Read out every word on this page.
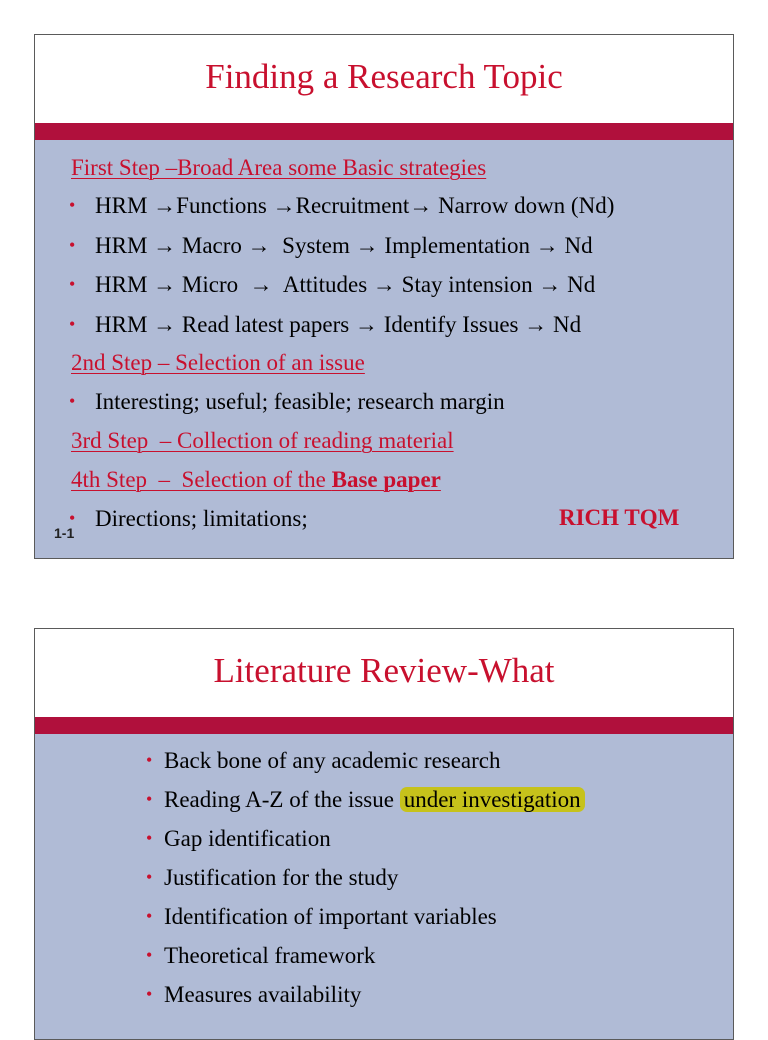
Finding a Research Topic
First Step –Broad Area some Basic strategies
• HRM →Functions →Recruitment→ Narrow down (Nd)
• HRM → Macro →  System → Implementation → Nd
• HRM → Micro  →  Attitudes → Stay intension → Nd
• HRM → Read latest papers → Identify Issues → Nd
2nd Step – Selection of an issue
• Interesting; useful; feasible; research margin
3rd Step  – Collection of reading material
4th Step  –  Selection of the Base paper
• Directions; limitations;	RICH TQM
1-1
Literature Review-What
• Back bone of any academic research
• Reading A-Z of the issue under investigation
• Gap identification
• Justification for the study
• Identification of important variables
• Theoretical framework
• Measures availability
